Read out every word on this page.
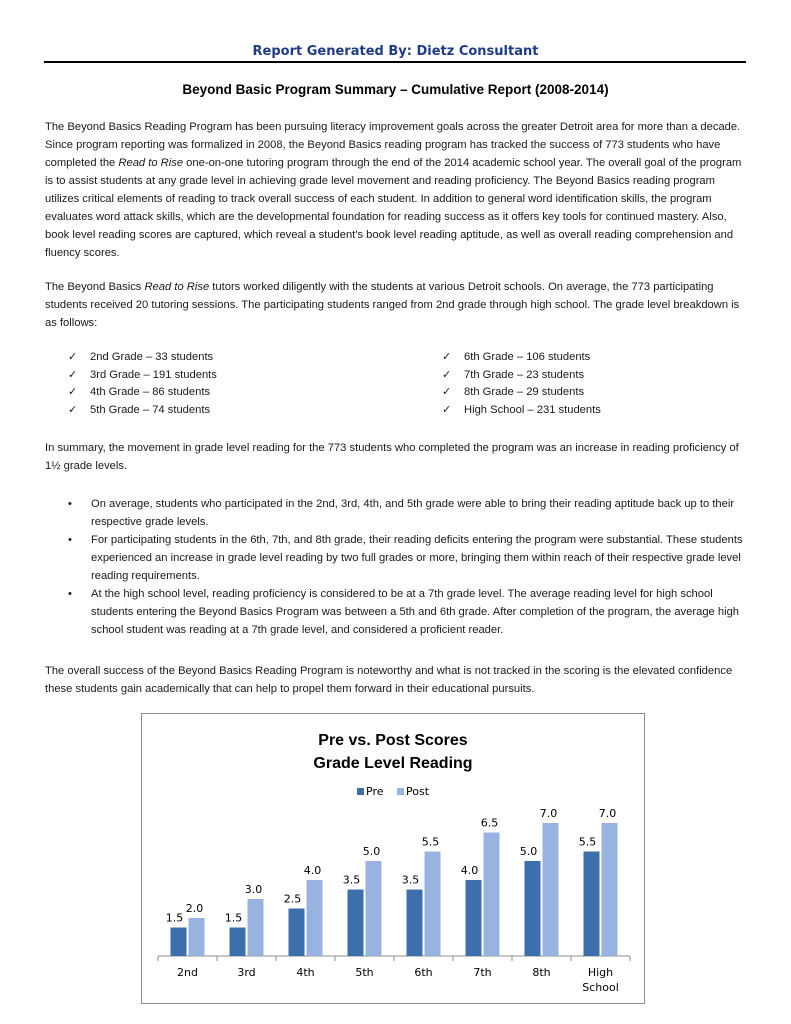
Report Generated By: Dietz Consultant
Beyond Basic Program Summary – Cumulative Report (2008-2014)

The Beyond Basics Reading Program has been pursuing literacy improvement goals across the greater Detroit area for more than a decade. Since program reporting was formalized in 2008, the Beyond Basics reading program has tracked the success of 773 students who have completed the Read to Rise one-on-one tutoring program through the end of the 2014 academic school year. The overall goal of the program is to assist students at any grade level in achieving grade level movement and reading proficiency. The Beyond Basics reading program utilizes critical elements of reading to track overall success of each student. In addition to general word identification skills, the program evaluates word attack skills, which are the developmental foundation for reading success as it offers key tools for continued mastery. Also, book level reading scores are captured, which reveal a student's book level reading aptitude, as well as overall reading comprehension and fluency scores.

The Beyond Basics Read to Rise tutors worked diligently with the students at various Detroit schools. On average, the 773 participating students received 20 tutoring sessions. The participating students ranged from 2nd grade through high school. The grade level breakdown is as follows:

✓ 2nd Grade – 33 students
✓ 3rd Grade – 191 students
✓ 4th Grade – 86 students
✓ 5th Grade – 74 students
✓ 6th Grade – 106 students
✓ 7th Grade – 23 students
✓ 8th Grade – 29 students
✓ High School – 231 students

In summary, the movement in grade level reading for the 773 students who completed the program was an increase in reading proficiency of 1½ grade levels.

• On average, students who participated in the 2nd, 3rd, 4th, and 5th grade were able to bring their reading aptitude back up to their respective grade levels.
• For participating students in the 6th, 7th, and 8th grade, their reading deficits entering the program were substantial. These students experienced an increase in grade level reading by two full grades or more, bringing them within reach of their respective grade level reading requirements.
• At the high school level, reading proficiency is considered to be at a 7th grade level. The average reading level for high school students entering the Beyond Basics Program was between a 5th and 6th grade. After completion of the program, the average high school student was reading at a 7th grade level, and considered a proficient reader.

The overall success of the Beyond Basics Reading Program is noteworthy and what is not tracked in the scoring is the elevated confidence these students gain academically that can help to propel them forward in their educational pursuits.

Pre vs. Post Scores
Grade Level Reading
Pre Post
1.5
2.0
2nd
1.5
3.0
3rd
2.5
4.0
4th
3.5
5.0
5th
3.5
5.5
6th
4.0
6.5
7th
5.0
7.0
8th
5.5
7.0
High
School
